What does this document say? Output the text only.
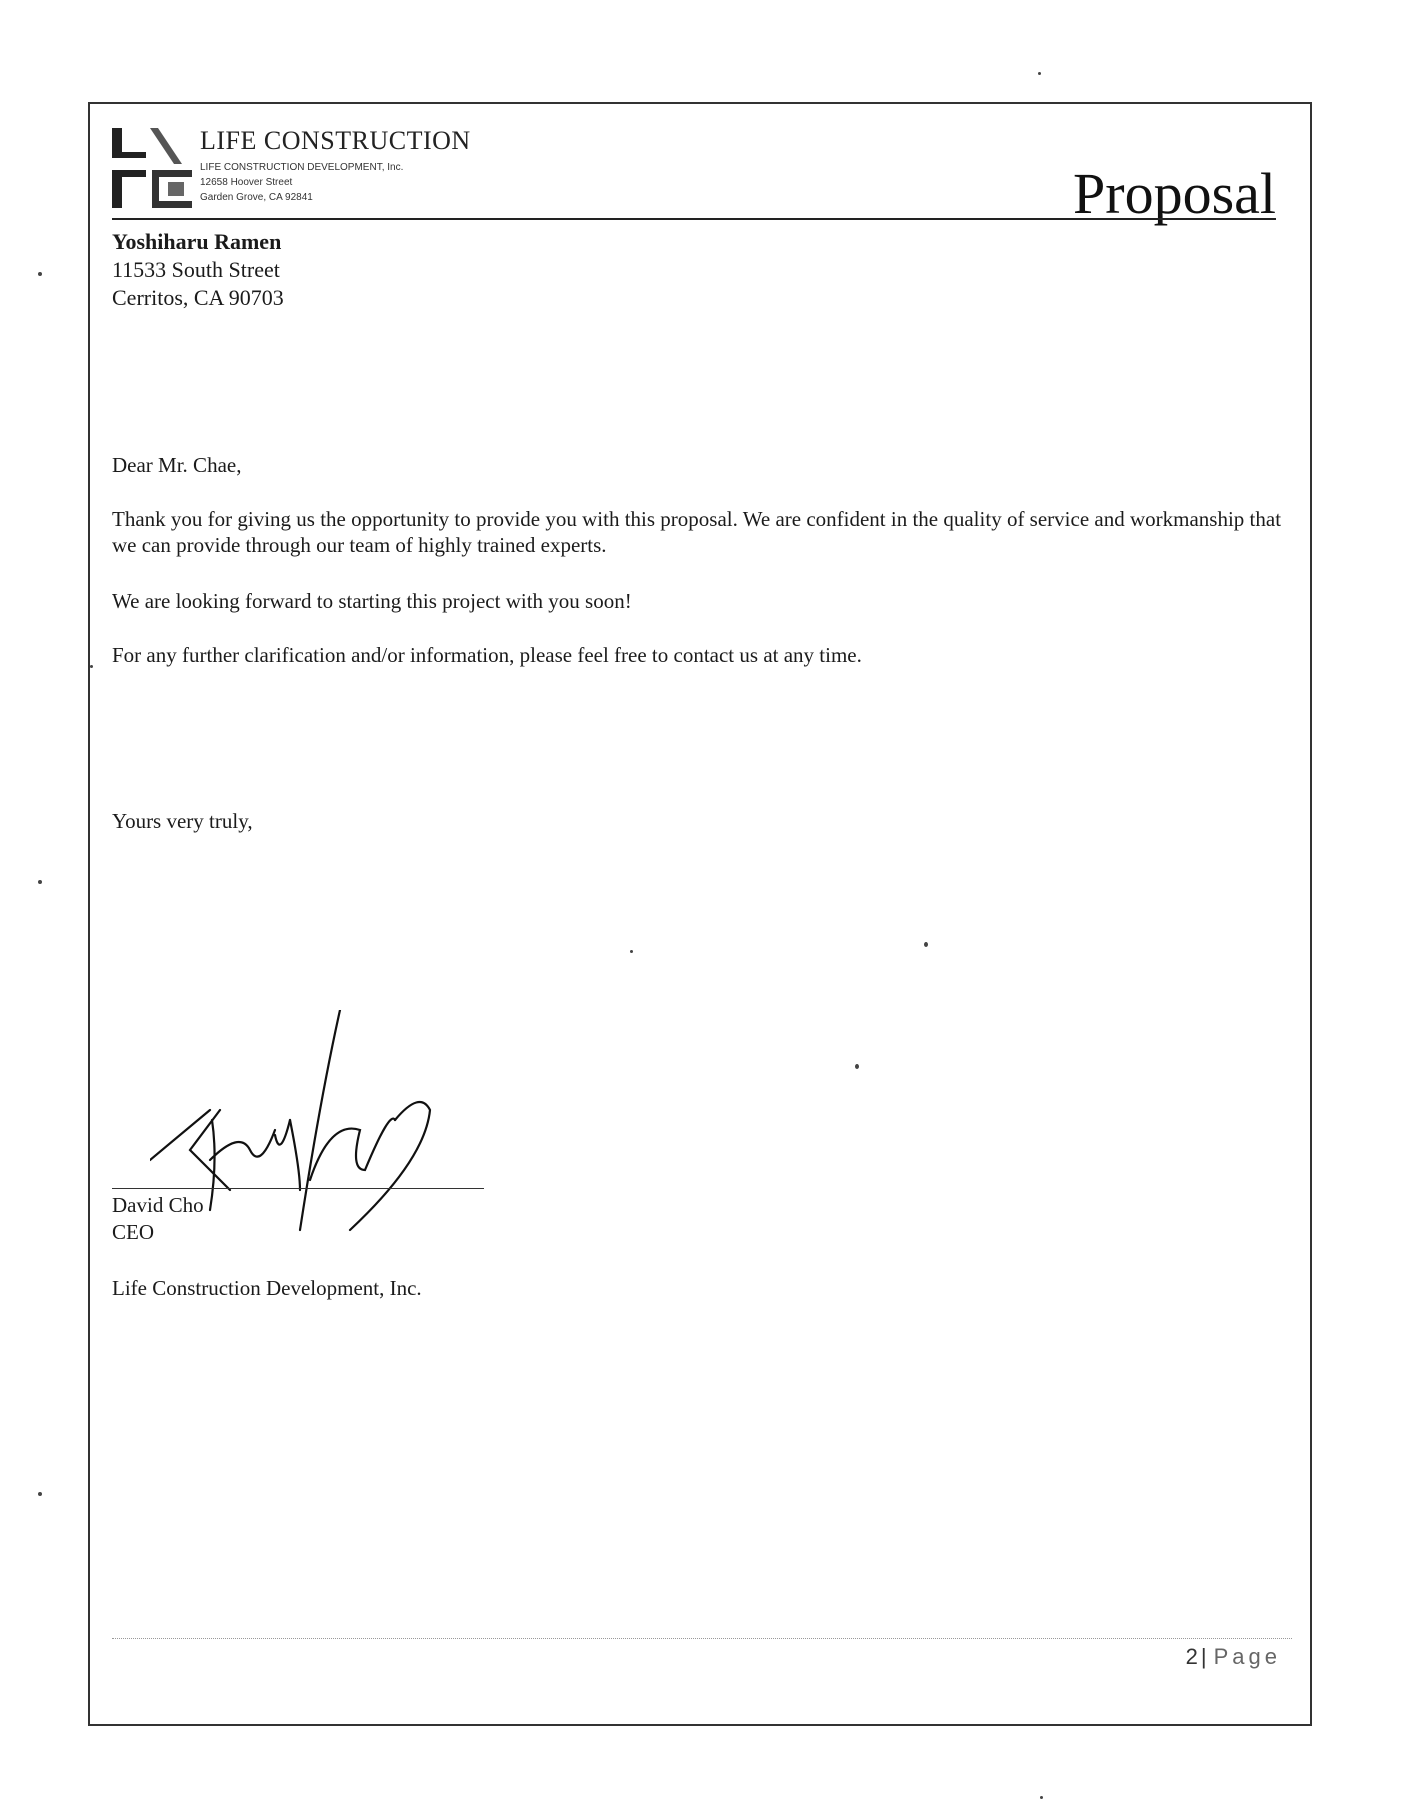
LIFE CONSTRUCTION
LIFE CONSTRUCTION DEVELOPMENT, Inc.
12658 Hoover Street
Garden Grove, CA 92841	Proposal
Yoshiharu Ramen
11533 South Street
Cerritos, CA 90703
Dear Mr. Chae,
Thank you for giving us the opportunity to provide you with this proposal. We are confident in the quality of service and workmanship that we can provide through our team of highly trained experts.
We are looking forward to starting this project with you soon!
For any further clarification and/or information, please feel free to contact us at any time.
Yours very truly,
David Cho
CEO
Life Construction Development, Inc.
2 | Page
